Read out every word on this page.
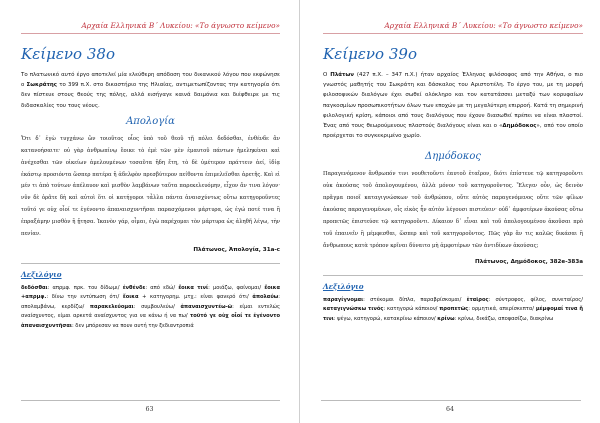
Αρχαία Ελληνικά Β΄ Λυκείου: «Το άγνωστο κείμενο»
Κείμενο 38ο

Το πλατωνικό αυτό έργο αποτελεί μία ελεύθερη απόδοση του δικανικού λόγου που εκφώνησε ο Σωκράτης το 399 π.Χ. στο δικαστήριο της Ηλιαίας, αντιμετωπίζοντας την κατηγορία ότι δεν πίστευε στους θεούς της πόλης, αλλά εισήγαγε καινά δαιμόνια και διέφθειρε με τις διδασκαλίες του τους νέους.

Απολογία

Ὅτι δ᾽ ἐγὼ τυγχάνω ὢν τοιοῦτος οἷος ὑπὸ τοῦ θεοῦ τῇ πόλει δεδόσθαι, ἐνθένδε ἂν κατανοήσαιτε· οὐ γὰρ ἀνθρωπίνῳ ἔοικε τὸ ἐμὲ τῶν μὲν ἐμαυτοῦ πάντων ἠμεληκέναι καὶ ἀνέχεσθαι τῶν οἰκείων ἀμελουμένων τοσαῦτα ἤδη ἔτη, τὸ δὲ ὑμέτερον πράττειν ἀεί, ἰδίᾳ ἑκάστῳ προσιόντα ὥσπερ πατέρα ἢ ἀδελφὸν πρεσβύτερον πείθοντα ἐπιμελεῖσθαι ἀρετῆς. Καὶ εἰ μέν τι ἀπὸ τούτων ἀπέλαυον καὶ μισθὸν λαμβάνων ταῦτα παρεκελευόμην, εἶχον ἄν τινα λόγον· νῦν δὲ ὁρᾶτε δὴ καὶ αὐτοὶ ὅτι οἱ κατήγοροι τἆλλα πάντα ἀναισχύντως οὕτω κατηγοροῦντες τοῦτό γε οὐχ οἷοί τε ἐγένοντο ἀπαναισχυντῆσαι παρασχόμενοι μάρτυρα, ὡς ἐγώ ποτέ τινα ἢ ἐπραξάμην μισθὸν ἢ ᾔτησα. Ἱκανὸν γάρ, οἶμαι, ἐγὼ παρέχομαι τὸν μάρτυρα ὡς ἀληθῆ λέγω, τὴν πενίαν.

Πλάτωνος, Ἀπολογία, 31a-c
Λεξιλόγιο

δεδόσθαι: απρμφ. πρκ. του δίδωμι/ ἐνθένδε: από εδώ/ ἔοικα τινί: μοιάζω, φαίνομαι/ ἔοικα +απρμφ.: δίνω την εντύπωση ότι/ ἔοικα + κατηγορημ. μτχ.: είναι φανερό ότι/ ἀπολαύω: απολαμβάνω, κερδίζω/ παρακελεύομαι: συμβουλεύω/ ἀπαναισχυντέω-ῶ: είμαι εντελώς αναίσχυντος, είμαι αρκετά αναίσχυντος για να κάνω ή να πω/ τοῦτό γε οὐχ οἷοί τε ἐγένοντο ἀπαναισχυντῆσαι: δεν μπόρεσαν να πουν αυτή την ξεδιαντροπιά

63
Αρχαία Ελληνικά Β΄ Λυκείου: «Το άγνωστο κείμενο»
Κείμενο 39ο

Ο Πλάτων (427 π.Χ. – 347 π.Χ.) ήταν αρχαίος Έλληνας φιλόσοφος από την Αθήνα, ο πιο γνωστός μαθητής του Σωκράτη και δάσκαλος του Αριστοτέλη. Το έργο του, με τη μορφή φιλοσοφικών διαλόγων έχει σωθεί ολόκληρο και τον κατατάσσει μεταξύ των κορυφαίων παγκοσμίων προσωπικοτήτων όλων των εποχών με τη μεγαλύτερη επιρροή. Κατά τη σημερινή φιλολογική κρίση, κάποιοι από τους διαλόγους που έχουν διασωθεί πρέπει να είναι πλαστοί. Ένας από τους θεωρούμενους πλαστούς διαλόγους είναι και ο «Δημόδοκος», από τον οποίο προέρχεται το συγκεκριμένο χωρίο.

Δημόδοκος

Παραγενόμενον ἄνθρωπόν τινι νουθετοῦντι ἑαυτοῦ ἑταῖρον, διότι ἐπίστευε τῷ κατηγοροῦντι οὐκ ἀκούσας τοῦ ἀπολογουμένου, ἀλλὰ μόνον τοῦ κατηγοροῦντος. Ἔλεγεν οὖν, ὡς δεινὸν πρᾶγμα ποιοῖ καταγιγνώσκων τοῦ ἀνθρώπου, οὔτε αὐτὸς παραγενόμενος οὔτε τῶν φίλων ἀκούσας παραγενομένων, οἷς εἰκὸς ἦν αὐτὸν λέγουσι πιστεύειν· οὐδ᾽ ἀμφοτέρων ἀκούσας οὕτω προπετῶς ἐπιστεύσε τῷ κατηγοροῦντι. Δίκαιον δ᾽ εἶναι καὶ τοῦ ἀπολογουμένου ἀκοῦσαι πρὸ τοῦ ἐπαινεῖν ἢ μέμφεσθαι, ὥσπερ καὶ τοῦ κατηγοροῦντος. Πῶς γὰρ ἄν τις καλῶς δικάσαι ἢ ἄνθρωπους κατὰ τρόπον κρῖναι δύναιτο μὴ ἀμφοτέρων τῶν ἀντιδίκων ἀκούσας;

Πλάτωνος, Δημόδοκος, 382e-383a
Λεξιλόγιο

παραγίγνομαι: στέκομαι δίπλα, παραβρίσκομαι/ ἑταῖρος: σύντροφος, φίλος, συνεταίρος/ καταγιγνώσκω τινός: κατηγορώ κάποιον/ προπετῶς: ορμητικά, απερίσκεπτα/ μέμφομαί τινα ἤ τινι: ψέγω, κατηγορώ, κατακρίνω κάποιον/ κρίνω: κρίνω, δικάζω, αποφασίζω, διακρίνω

64
